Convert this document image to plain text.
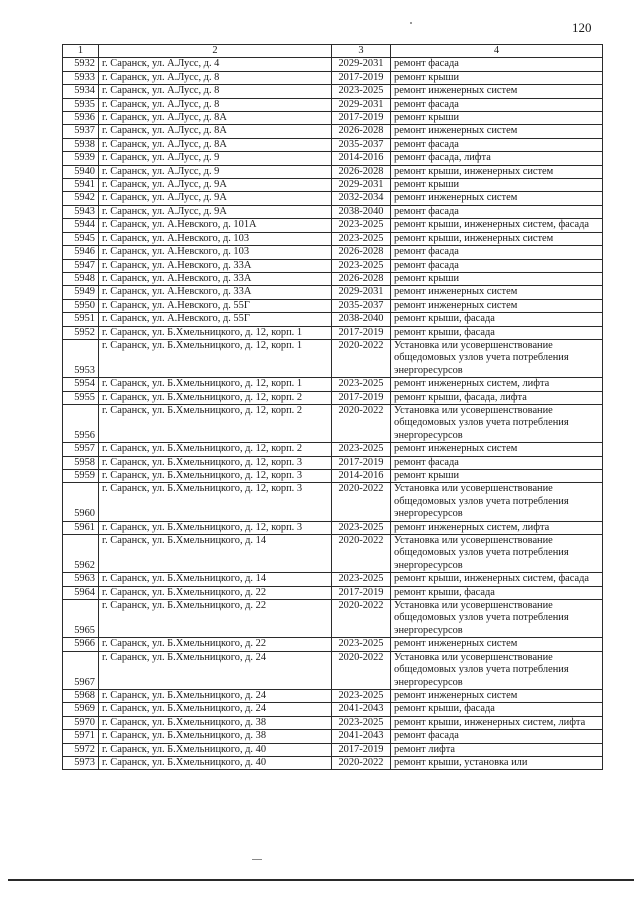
120
1	2	3	4
5932	г. Саранск, ул. А.Лусс, д. 4	2029-2031	ремонт фасада
5933	г. Саранск, ул. А.Лусс, д. 8	2017-2019	ремонт крыши
5934	г. Саранск, ул. А.Лусс, д. 8	2023-2025	ремонт инженерных систем
5935	г. Саранск, ул. А.Лусс, д. 8	2029-2031	ремонт фасада
5936	г. Саранск, ул. А.Лусс, д. 8А	2017-2019	ремонт крыши
5937	г. Саранск, ул. А.Лусс, д. 8А	2026-2028	ремонт инженерных систем
5938	г. Саранск, ул. А.Лусс, д. 8А	2035-2037	ремонт фасада
5939	г. Саранск, ул. А.Лусс, д. 9	2014-2016	ремонт фасада, лифта
5940	г. Саранск, ул. А.Лусс, д. 9	2026-2028	ремонт крыши, инженерных систем
5941	г. Саранск, ул. А.Лусс, д. 9А	2029-2031	ремонт крыши
5942	г. Саранск, ул. А.Лусс, д. 9А	2032-2034	ремонт инженерных систем
5943	г. Саранск, ул. А.Лусс, д. 9А	2038-2040	ремонт фасада
5944	г. Саранск, ул. А.Невского, д. 101А	2023-2025	ремонт крыши, инженерных систем, фасада
5945	г. Саранск, ул. А.Невского, д. 103	2023-2025	ремонт крыши, инженерных систем
5946	г. Саранск, ул. А.Невского, д. 103	2026-2028	ремонт фасада
5947	г. Саранск, ул. А.Невского, д. 33А	2023-2025	ремонт фасада
5948	г. Саранск, ул. А.Невского, д. 33А	2026-2028	ремонт крыши
5949	г. Саранск, ул. А.Невского, д. 33А	2029-2031	ремонт инженерных систем
5950	г. Саранск, ул. А.Невского, д. 55Г	2035-2037	ремонт инженерных систем
5951	г. Саранск, ул. А.Невского, д. 55Г	2038-2040	ремонт крыши, фасада
5952	г. Саранск, ул. Б.Хмельницкого, д. 12, корп. 1	2017-2019	ремонт крыши, фасада
5953	г. Саранск, ул. Б.Хмельницкого, д. 12, корп. 1	2020-2022	Установка или усовершенствование общедомовых узлов учета потребления энергоресурсов
5954	г. Саранск, ул. Б.Хмельницкого, д. 12, корп. 1	2023-2025	ремонт инженерных систем, лифта
5955	г. Саранск, ул. Б.Хмельницкого, д. 12, корп. 2	2017-2019	ремонт крыши, фасада, лифта
5956	г. Саранск, ул. Б.Хмельницкого, д. 12, корп. 2	2020-2022	Установка или усовершенствование общедомовых узлов учета потребления энергоресурсов
5957	г. Саранск, ул. Б.Хмельницкого, д. 12, корп. 2	2023-2025	ремонт инженерных систем
5958	г. Саранск, ул. Б.Хмельницкого, д. 12, корп. 3	2017-2019	ремонт фасада
5959	г. Саранск, ул. Б.Хмельницкого, д. 12, корп. 3	2014-2016	ремонт крыши
5960	г. Саранск, ул. Б.Хмельницкого, д. 12, корп. 3	2020-2022	Установка или усовершенствование общедомовых узлов учета потребления энергоресурсов
5961	г. Саранск, ул. Б.Хмельницкого, д. 12, корп. 3	2023-2025	ремонт инженерных систем, лифта
5962	г. Саранск, ул. Б.Хмельницкого, д. 14	2020-2022	Установка или усовершенствование общедомовых узлов учета потребления энергоресурсов
5963	г. Саранск, ул. Б.Хмельницкого, д. 14	2023-2025	ремонт крыши, инженерных систем, фасада
5964	г. Саранск, ул. Б.Хмельницкого, д. 22	2017-2019	ремонт крыши, фасада
5965	г. Саранск, ул. Б.Хмельницкого, д. 22	2020-2022	Установка или усовершенствование общедомовых узлов учета потребления энергоресурсов
5966	г. Саранск, ул. Б.Хмельницкого, д. 22	2023-2025	ремонт инженерных систем
5967	г. Саранск, ул. Б.Хмельницкого, д. 24	2020-2022	Установка или усовершенствование общедомовых узлов учета потребления энергоресурсов
5968	г. Саранск, ул. Б.Хмельницкого, д. 24	2023-2025	ремонт инженерных систем
5969	г. Саранск, ул. Б.Хмельницкого, д. 24	2041-2043	ремонт крыши, фасада
5970	г. Саранск, ул. Б.Хмельницкого, д. 38	2023-2025	ремонт крыши, инженерных систем, лифта
5971	г. Саранск, ул. Б.Хмельницкого, д. 38	2041-2043	ремонт фасада
5972	г. Саранск, ул. Б.Хмельницкого, д. 40	2017-2019	ремонт лифта
5973	г. Саранск, ул. Б.Хмельницкого, д. 40	2020-2022	ремонт крыши, установка или
